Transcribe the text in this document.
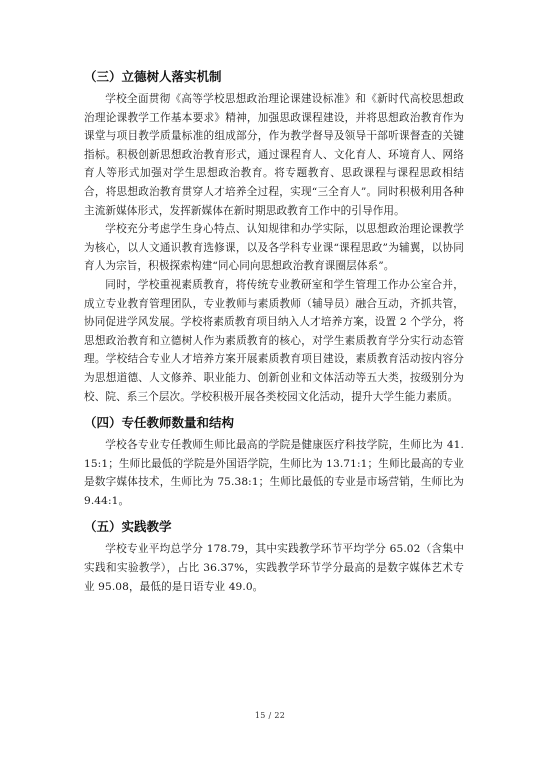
（三）立德树人落实机制

学校全面贯彻《高等学校思想政治理论课建设标准》和《新时代高校思想政治理论课教学工作基本要求》精神，加强思政课程建设，并将思想政治教育作为课堂与项目教学质量标准的组成部分，作为教学督导及领导干部听课督查的关键指标。积极创新思想政治教育形式，通过课程育人、文化育人、环境育人、网络育人等形式加强对学生思想政治教育。将专题教育、思政课程与课程思政相结合，将思想政治教育贯穿人才培养全过程，实现“三全育人”。同时积极利用各种主流新媒体形式，发挥新媒体在新时期思政教育工作中的引导作用。

学校充分考虑学生身心特点、认知规律和办学实际，以思想政治理论课教学为核心，以人文通识教育选修课，以及各学科专业课“课程思政”为辅翼，以协同育人为宗旨，积极探索构建“同心同向思想政治教育课圈层体系”。

同时，学校重视素质教育，将传统专业教研室和学生管理工作办公室合并，成立专业教育管理团队，专业教师与素质教师（辅导员）融合互动，齐抓共管，协同促进学风发展。学校将素质教育项目纳入人才培养方案，设置 2 个学分，将思想政治教育和立德树人作为素质教育的核心，对学生素质教育学分实行动态管理。学校结合专业人才培养方案开展素质教育项目建设，素质教育活动按内容分为思想道德、人文修养、职业能力、创新创业和文体活动等五大类，按级别分为校、院、系三个层次。学校积极开展各类校园文化活动，提升大学生能力素质。

（四）专任教师数量和结构

学校各专业专任教师生师比最高的学院是健康医疗科技学院，生师比为 41.15:1；生师比最低的学院是外国语学院，生师比为 13.71:1；生师比最高的专业是数字媒体技术，生师比为 75.38:1；生师比最低的专业是市场营销，生师比为 9.44:1。

（五）实践教学

学校专业平均总学分 178.79，其中实践教学环节平均学分 65.02（含集中实践和实验教学），占比 36.37%，实践教学环节学分最高的是数字媒体艺术专业 95.08，最低的是日语专业 49.0。

15 / 22
